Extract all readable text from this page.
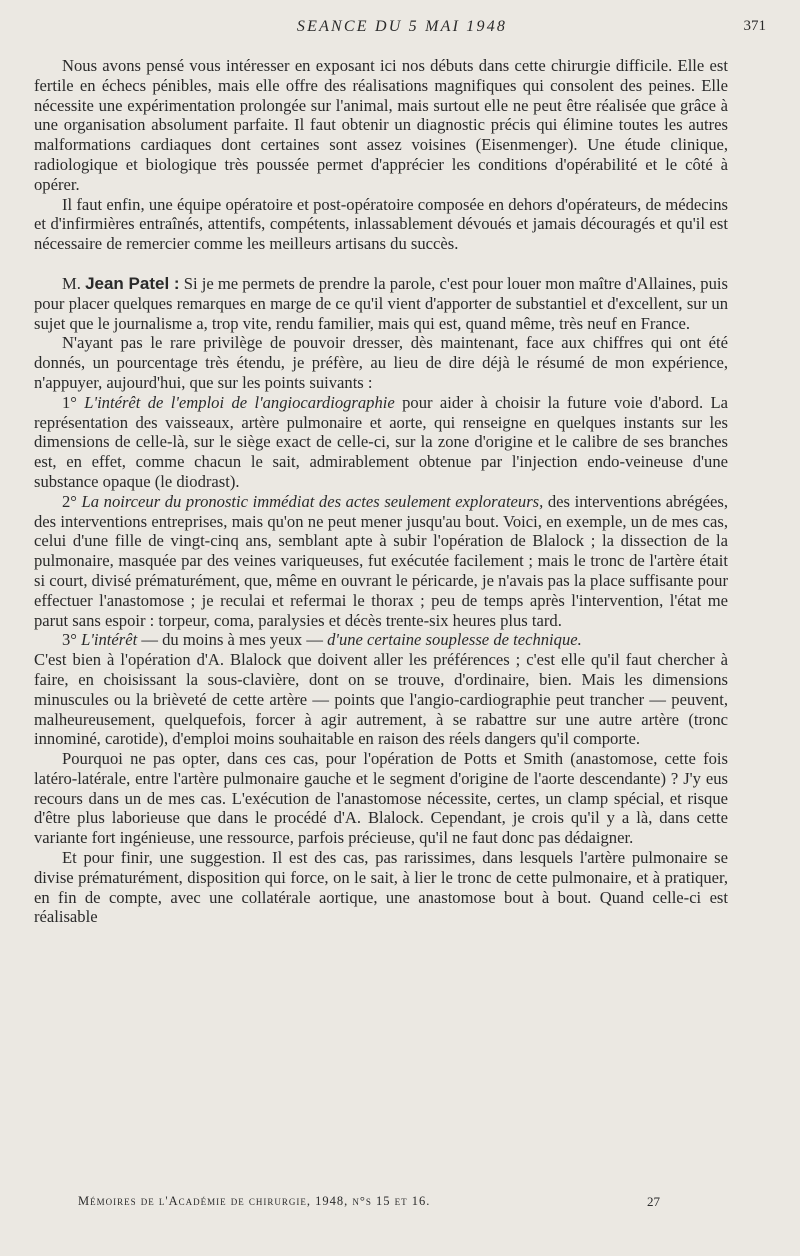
SEANCE DU 5 MAI 1948	371

Nous avons pensé vous intéresser en exposant ici nos débuts dans cette chirurgie difficile. Elle est fertile en échecs pénibles, mais elle offre des réalisations magnifiques qui consolent des peines. Elle nécessite une expérimentation prolongée sur l'animal, mais surtout elle ne peut être réalisée que grâce à une organisation absolument parfaite. Il faut obtenir un diagnostic précis qui élimine toutes les autres malformations cardiaques dont certaines sont assez voisines (Eisenmenger). Une étude clinique, radiologique et biologique très poussée permet d'apprécier les conditions d'opérabilité et le côté à opérer.

Il faut enfin, une équipe opératoire et post-opératoire composée en dehors d'opérateurs, de médecins et d'infirmières entraînés, attentifs, compétents, inlassablement dévoués et jamais découragés et qu'il est nécessaire de remercier comme les meilleurs artisans du succès.

M. Jean Patel : Si je me permets de prendre la parole, c'est pour louer mon maître d'Allaines, puis pour placer quelques remarques en marge de ce qu'il vient d'apporter de substantiel et d'excellent, sur un sujet que le journalisme a, trop vite, rendu familier, mais qui est, quand même, très neuf en France.

N'ayant pas le rare privilège de pouvoir dresser, dès maintenant, face aux chiffres qui ont été donnés, un pourcentage très étendu, je préfère, au lieu de dire déjà le résumé de mon expérience, n'appuyer, aujourd'hui, que sur les points suivants :

1° L'intérêt de l'emploi de l'angiocardiographie pour aider à choisir la future voie d'abord. La représentation des vaisseaux, artère pulmonaire et aorte, qui renseigne en quelques instants sur les dimensions de celle-là, sur le siège exact de celle-ci, sur la zone d'origine et le calibre de ses branches est, en effet, comme chacun le sait, admirablement obtenue par l'injection endo-veineuse d'une substance opaque (le diodrast).

2° La noirceur du pronostic immédiat des actes seulement explorateurs, des interventions abrégées, des interventions entreprises, mais qu'on ne peut mener jusqu'au bout. Voici, en exemple, un de mes cas, celui d'une fille de vingt-cinq ans, semblant apte à subir l'opération de Blalock ; la dissection de la pulmonaire, masquée par des veines variqueuses, fut exécutée facilement ; mais le tronc de l'artère était si court, divisé prématurément, que, même en ouvrant le péricarde, je n'avais pas la place suffisante pour effectuer l'anastomose ; je reculai et refermai le thorax ; peu de temps après l'intervention, l'état me parut sans espoir : torpeur, coma, paralysies et décès trente-six heures plus tard.

3° L'intérêt — du moins à mes yeux — d'une certaine souplesse de technique.

C'est bien à l'opération d'A. Blalock que doivent aller les préférences ; c'est elle qu'il faut chercher à faire, en choisissant la sous-clavière, dont on se trouve, d'ordinaire, bien. Mais les dimensions minuscules ou la brièveté de cette artère — points que l'angio-cardiographie peut trancher — peuvent, malheureusement, quelquefois, forcer à agir autrement, à se rabattre sur une autre artère (tronc innominé, carotide), d'emploi moins souhaitable en raison des réels dangers qu'il comporte.

Pourquoi ne pas opter, dans ces cas, pour l'opération de Potts et Smith (anastomose, cette fois latéro-latérale, entre l'artère pulmonaire gauche et le segment d'origine de l'aorte descendante) ? J'y eus recours dans un de mes cas. L'exécution de l'anastomose nécessite, certes, un clamp spécial, et risque d'être plus laborieuse que dans le procédé d'A. Blalock. Cependant, je crois qu'il y a là, dans cette variante fort ingénieuse, une ressource, parfois précieuse, qu'il ne faut donc pas dédaigner.

Et pour finir, une suggestion. Il est des cas, pas rarissimes, dans lesquels l'artère pulmonaire se divise prématurément, disposition qui force, on le sait, à lier le tronc de cette pulmonaire, et à pratiquer, en fin de compte, avec une collatérale aortique, une anastomose bout à bout. Quand celle-ci est réalisable

Mémoires de l'Académie de chirurgie, 1948, n°s 15 et 16.	27
